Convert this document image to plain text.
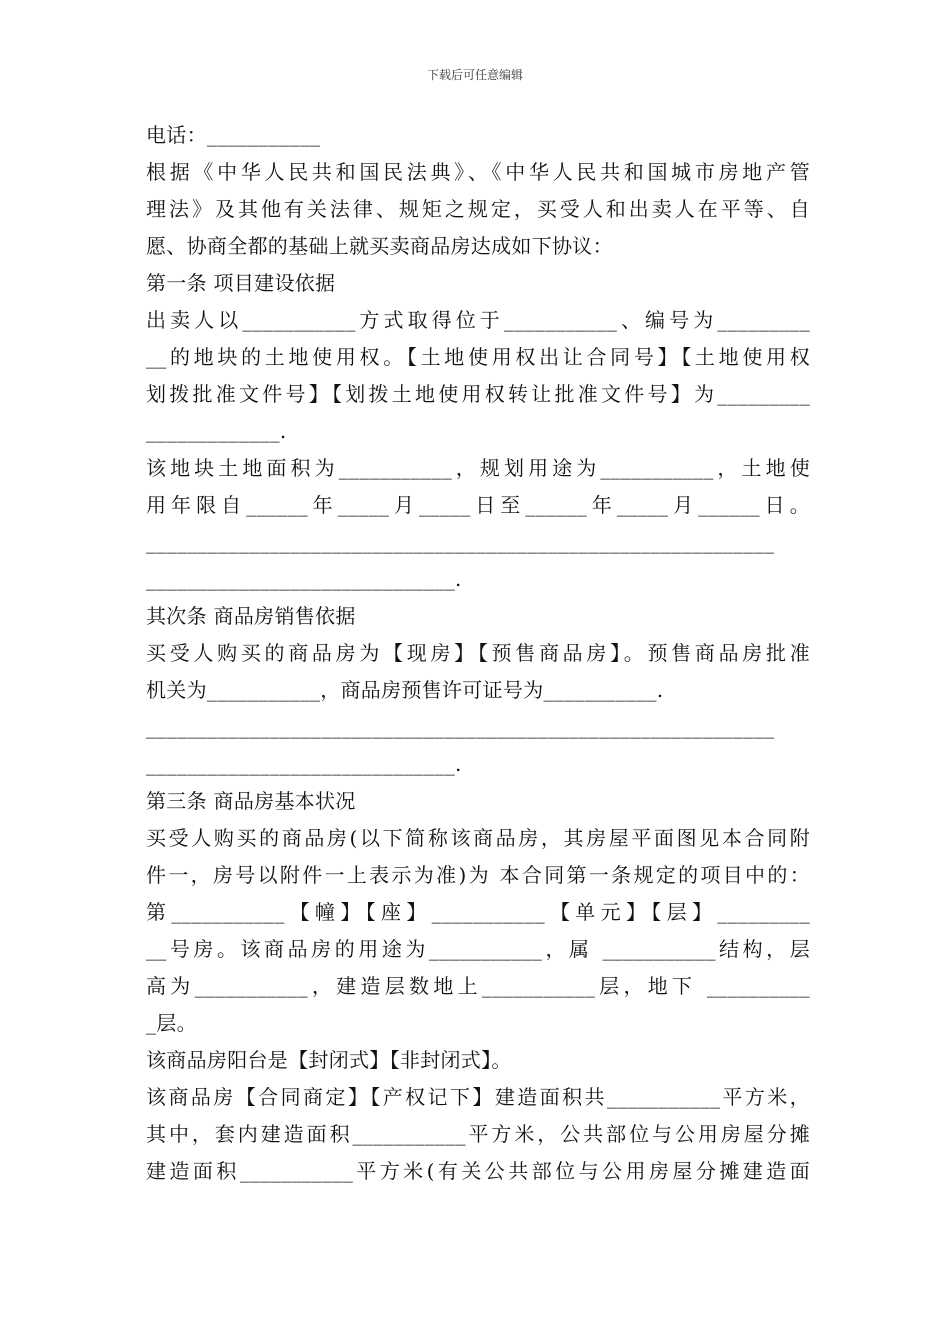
下载后可任意编辑
电话：___________
根据《中华人民共和国民法典》、《中华人民共和国城市房地产管
理法》及其他有关法律、规矩之规定，买受人和出卖人在平等、自
愿、协商全都的基础上就买卖商品房达成如下协议：
第一条 项目建设依据
出卖人以___________方式取得位于___________、编号为_________
__的地块的土地使用权。【土地使用权出让合同号】【土地使用权
划拨批准文件号】【划拨土地使用权转让批准文件号】为_________
_____________.
该地块土地面积为___________，规划用途为___________，土地使
用年限自______年_____月_____日至______年_____月______日。
_____________________________________________________________
______________________________.
其次条 商品房销售依据
买受人购买的商品房为【现房】【预售商品房】。预售商品房批准
机关为___________，商品房预售许可证号为___________.
_____________________________________________________________
______________________________.
第三条 商品房基本状况
买受人购买的商品房(以下简称该商品房，其房屋平面图见本合同附
件一，房号以附件一上表示为准)为 本合同第一条规定的项目中的：
第___________【幢】【座】___________【单元】【层】_________
__号房。该商品房的用途为___________，属 ___________结构，层
高为___________，建造层数地上___________层，地下 __________
_层。
该商品房阳台是【封闭式】【非封闭式】。
该商品房【合同商定】【产权记下】建造面积共___________平方米，
其中，套内建造面积___________平方米，公共部位与公用房屋分摊
建造面积___________平方米(有关公共部位与公用房屋分摊建造面
